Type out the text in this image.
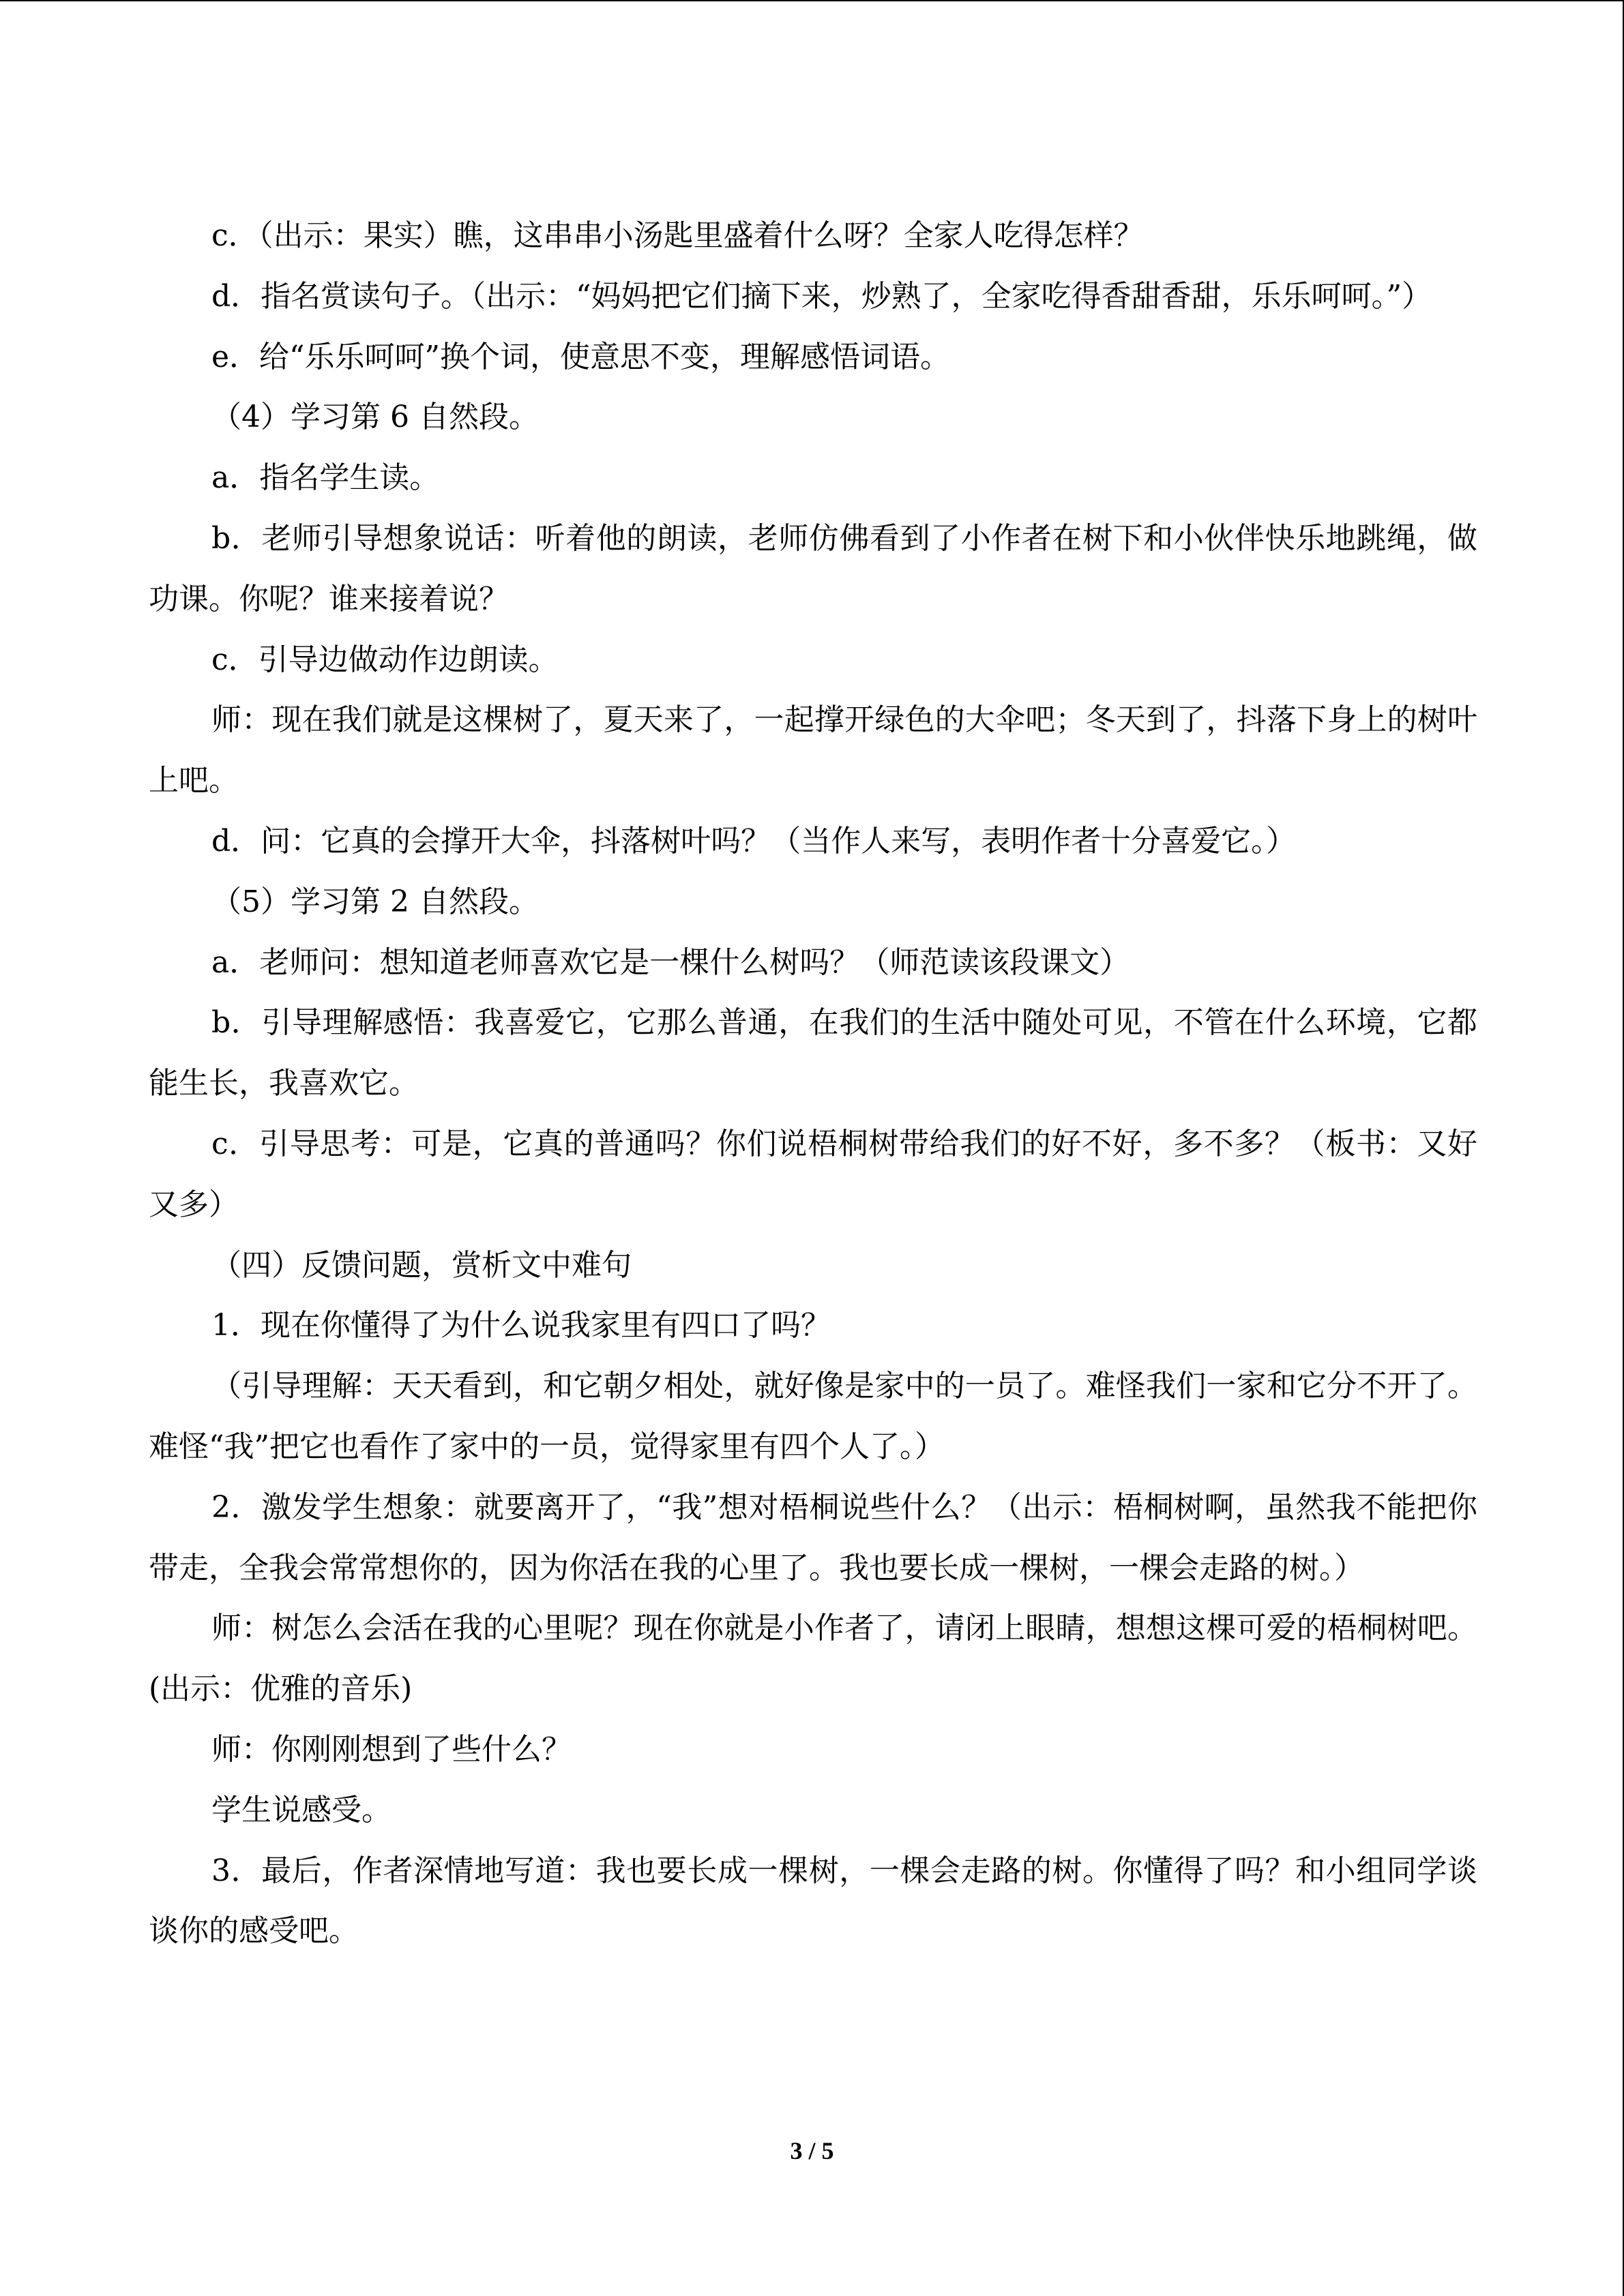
c．（出示：果实）瞧，这串串小汤匙里盛着什么呀？全家人吃得怎样？

d．指名赏读句子。（出示：“妈妈把它们摘下来，炒熟了，全家吃得香甜香甜，乐乐呵呵。”）

e．给“乐乐呵呵”换个词，使意思不变，理解感悟词语。

（4）学习第 6 自然段。

a．指名学生读。

b．老师引导想象说话：听着他的朗读，老师仿佛看到了小作者在树下和小伙伴快乐地跳绳，做功课。你呢？谁来接着说？

c．引导边做动作边朗读。

师：现在我们就是这棵树了，夏天来了，一起撑开绿色的大伞吧；冬天到了，抖落下身上的树叶上吧。

d．问：它真的会撑开大伞，抖落树叶吗？（当作人来写，表明作者十分喜爱它。）

（5）学习第 2 自然段。

a．老师问：想知道老师喜欢它是一棵什么树吗？（师范读该段课文）

b．引导理解感悟：我喜爱它，它那么普通，在我们的生活中随处可见，不管在什么环境，它都能生长，我喜欢它。

c．引导思考：可是，它真的普通吗？你们说梧桐树带给我们的好不好，多不多？（板书：又好又多）

（四）反馈问题，赏析文中难句

1．现在你懂得了为什么说我家里有四口了吗？

（引导理解：天天看到，和它朝夕相处，就好像是家中的一员了。难怪我们一家和它分不开了。难怪“我”把它也看作了家中的一员，觉得家里有四个人了。）

2．激发学生想象：就要离开了，“我”想对梧桐说些什么？（出示：梧桐树啊，虽然我不能把你带走，全我会常常想你的，因为你活在我的心里了。我也要长成一棵树，一棵会走路的树。）

师：树怎么会活在我的心里呢？现在你就是小作者了，请闭上眼睛，想想这棵可爱的梧桐树吧。(出示：优雅的音乐)

师：你刚刚想到了些什么？

学生说感受。

3．最后，作者深情地写道：我也要长成一棵树，一棵会走路的树。你懂得了吗？和小组同学谈谈你的感受吧。

3 / 5
